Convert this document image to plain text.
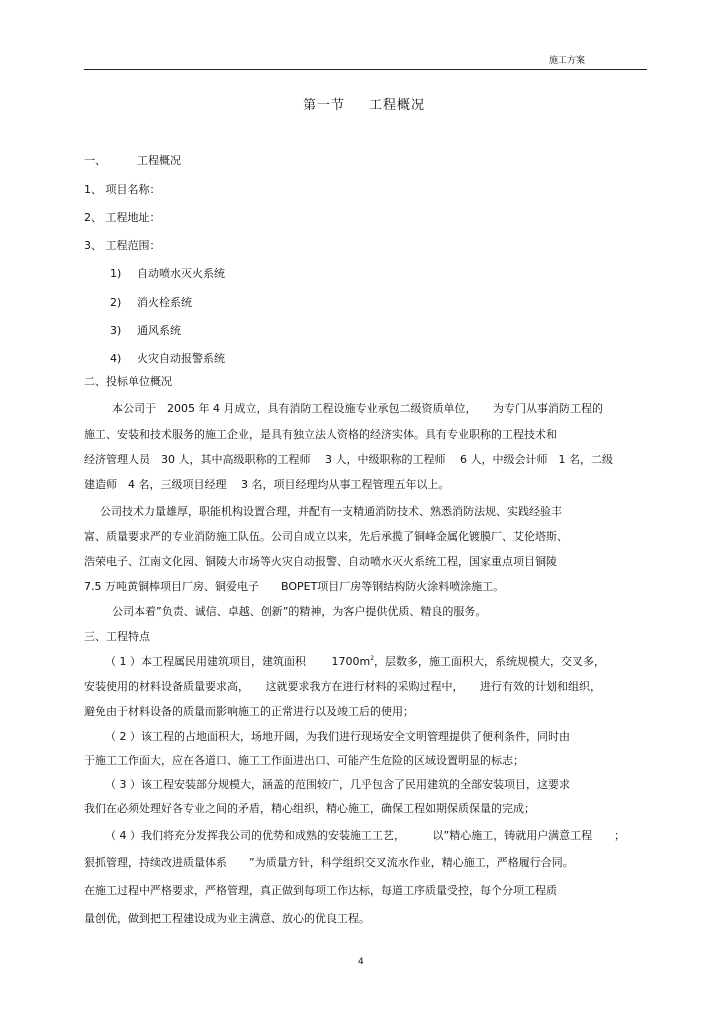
施工方案
第一节 工程概况
一、	工程概况
1、 项目名称：
2、 工程地址：
3、 工程范围：
1) 自动喷水灭火系统
2) 消火栓系统
3) 通风系统
4) 火灾自动报警系统
二、投标单位概况
本公司于　2005 年 4 月成立，具有消防工程设施专业承包二级资质单位，　　为专门从事消防工程的
施工、安装和技术服务的施工企业，是具有独立法人资格的经济实体。具有专业职称的工程技术和
经济管理人员　30 人，其中高级职称的工程师　 3 人，中级职称的工程师　 6 人，中级会计师　1 名，二级
建造师　4 名，三级项目经理　 3 名，项目经理均从事工程管理五年以上。
公司技术力量雄厚，职能机构设置合理，并配有一支精通消防技术、熟悉消防法规、实践经验丰
富、质量要求严的专业消防施工队伍。公司自成立以来，先后承揽了铜峰金属化镀膜厂、艾伦塔斯、
浩荣电子、江南文化园、铜陵大市场等火灾自动报警、自动喷水灭火系统工程，国家重点项目铜陵
7.5 万吨黄铜棒项目厂房、铜爱电子　　BOPET项目厂房等钢结构防火涂料喷涂施工。
公司本着”负责、诚信、卓越、创新”的精神，为客户提供优质、精良的服务。
三、工程特点
（ 1 ）本工程属民用建筑项目，建筑面积　　 $1700m^2$，层数多，施工面积大，系统规模大，交叉多，
安装使用的材料设备质量要求高，　　这就要求我方在进行材料的采购过程中，　　进行有效的计划和组织，
避免由于材料设备的质量而影响施工的正常进行以及竣工后的使用；
（ 2 ）该工程的占地面积大，场地开阔，为我们进行现场安全文明管理提供了便利条件，同时由
于施工工作面大，应在各道口、施工工作面进出口、可能产生危险的区域设置明显的标志；
（ 3 ）该工程安装部分规模大，涵盖的范围较广，几乎包含了民用建筑的全部安装项目，这要求
我们在必须处理好各专业之间的矛盾，精心组织，精心施工，确保工程如期保质保量的完成；
（ 4 ）我们将充分发挥我公司的优势和成熟的安装施工工艺，　　　以”精心施工，铸就用户满意工程　　；
狠抓管理，持续改进质量体系　　”为质量方针，科学组织交叉流水作业，精心施工，严格履行合同。
在施工过程中严格要求，严格管理，真正做到每项工作达标，每道工序质量受控，每个分项工程质
量创优，做到把工程建设成为业主满意、放心的优良工程。
4
